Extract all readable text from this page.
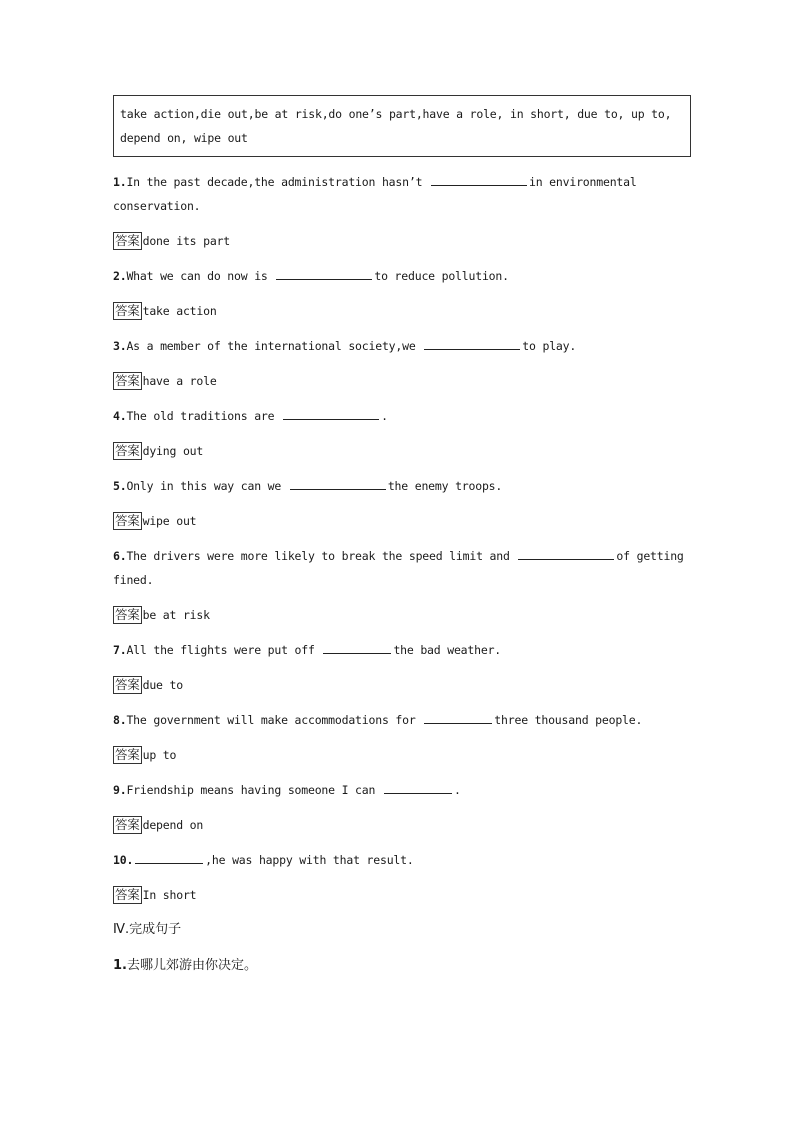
take action,die out,be at risk,do one’s part,have a role, in short, due to, up to,
depend on, wipe out
1.In the past decade,the administration hasn’t	in environmental
conservation.
答案 done its part
2.What we can do now is	to reduce pollution.
答案 take action
3.As a member of the international society,we	to play.
答案 have a role
4.The old traditions are	.
答案 dying out
5.Only in this way can we	the enemy troops.
答案 wipe out
6.The drivers were more likely to break the speed limit and	of getting
fined.
答案 be at risk
7.All the flights were put off	the bad weather.
答案 due to
8.The government will make accommodations for	three thousand people.
答案 up to
9.Friendship means having someone I can	.
答案 depend on
10.	,he was happy with that result.
答案 In short
Ⅳ.完成句子
1.去哪儿郊游由你决定。
